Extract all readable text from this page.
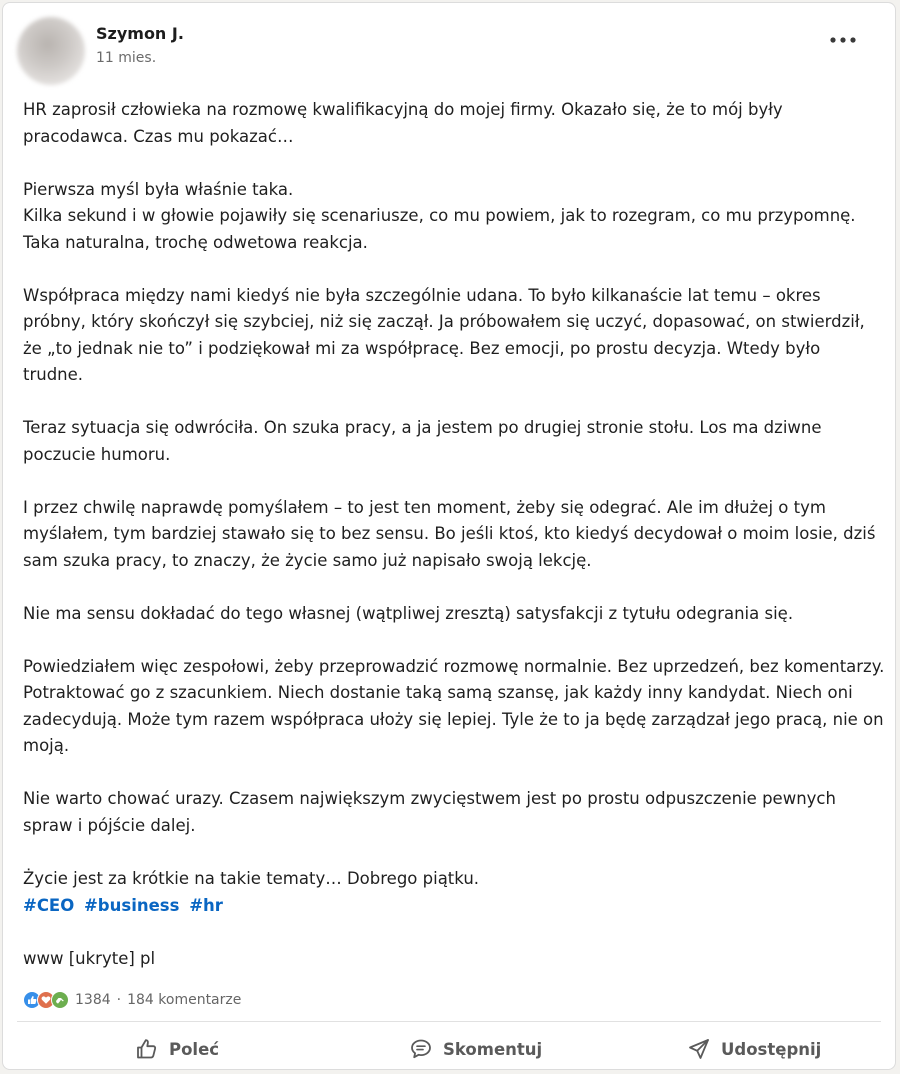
Szymon J.
11 mies.

HR zaprosił człowieka na rozmowę kwalifikacyjną do mojej firmy. Okazało się, że to mój były pracodawca. Czas mu pokazać…

Pierwsza myśl była właśnie taka.
Kilka sekund i w głowie pojawiły się scenariusze, co mu powiem, jak to rozegram, co mu przypomnę. Taka naturalna, trochę odwetowa reakcja.

Współpraca między nami kiedyś nie była szczególnie udana. To było kilkanaście lat temu – okres próbny, który skończył się szybciej, niż się zaczął. Ja próbowałem się uczyć, dopasować, on stwierdził, że „to jednak nie to” i podziękował mi za współpracę. Bez emocji, po prostu decyzja. Wtedy było trudne.

Teraz sytuacja się odwróciła. On szuka pracy, a ja jestem po drugiej stronie stołu. Los ma dziwne poczucie humoru.

I przez chwilę naprawdę pomyślałem – to jest ten moment, żeby się odegrać. Ale im dłużej o tym myślałem, tym bardziej stawało się to bez sensu. Bo jeśli ktoś, kto kiedyś decydował o moim losie, dziś sam szuka pracy, to znaczy, że życie samo już napisało swoją lekcję.

Nie ma sensu dokładać do tego własnej (wątpliwej zresztą) satysfakcji z tytułu odegrania się.

Powiedziałem więc zespołowi, żeby przeprowadzić rozmowę normalnie. Bez uprzedzeń, bez komentarzy. Potraktować go z szacunkiem. Niech dostanie taką samą szansę, jak każdy inny kandydat. Niech oni zadecydują. Może tym razem współpraca ułoży się lepiej. Tyle że to ja będę zarządzał jego pracą, nie on moją.

Nie warto chować urazy. Czasem największym zwycięstwem jest po prostu odpuszczenie pewnych spraw i pójście dalej.

Życie jest za krótkie na takie tematy… Dobrego piątku.

#CEO #business #hr
www [ukryte] pl
1384 · 184 komentarze
Poleć	Skomentuj	Udostępnij
